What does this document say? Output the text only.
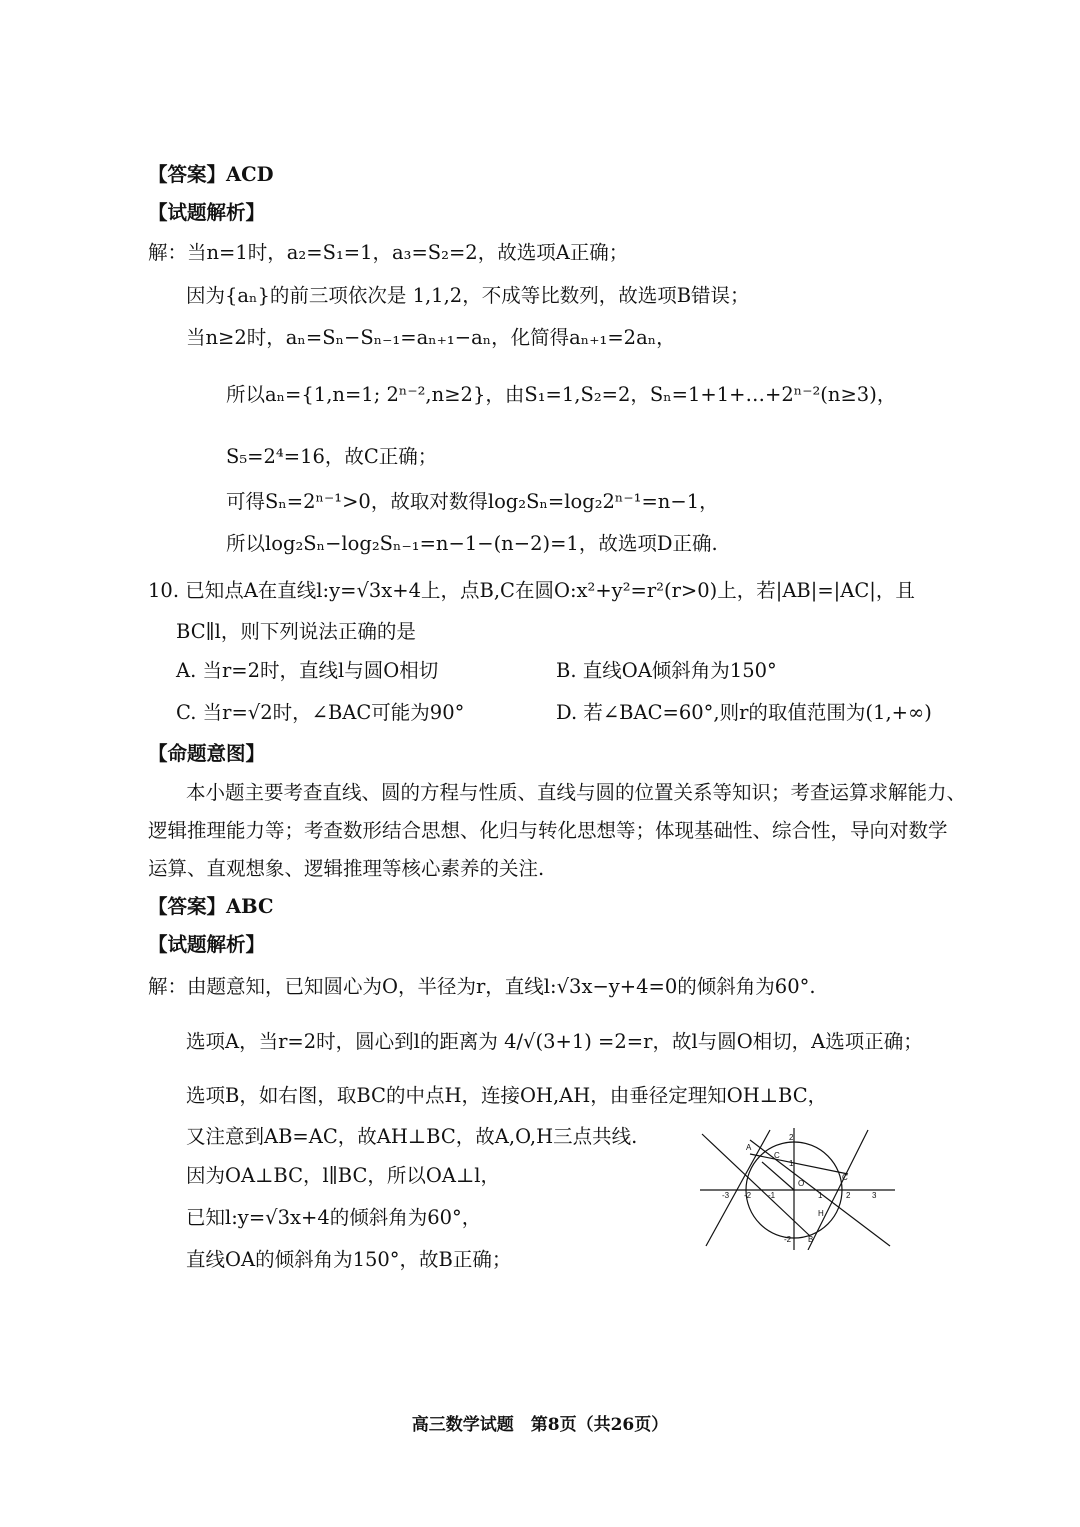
【答案】ACD
【试题解析】
解：当n=1时，a₂=S₁=1，a₃=S₂=2，故选项A正确；
因为{aₙ}的前三项依次是 1,1,2，不成等比数列，故选项B错误；
当n≥2时，aₙ=Sₙ−Sₙ₋₁=aₙ₊₁−aₙ，化简得aₙ₊₁=2aₙ，
所以aₙ={1,n=1; 2ⁿ⁻²,n≥2}，由S₁=1,S₂=2，Sₙ=1+1+…+2ⁿ⁻²(n≥3)，
S₅=2⁴=16，故C正确；
可得Sₙ=2ⁿ⁻¹>0，故取对数得log₂Sₙ=log₂2ⁿ⁻¹=n−1，
所以log₂Sₙ−log₂Sₙ₋₁=n−1−(n−2)=1，故选项D正确.
10. 已知点A在直线l:y=√3x+4上，点B,C在圆O:x²+y²=r²(r>0)上，若|AB|=|AC|，且
BC∥l，则下列说法正确的是
A. 当r=2时，直线l与圆O相切	B. 直线OA倾斜角为150°
C. 当r=√2时，∠BAC可能为90°	D. 若∠BAC=60°,则r的取值范围为(1,+∞)
【命题意图】
本小题主要考查直线、圆的方程与性质、直线与圆的位置关系等知识；考查运算求解能力、
逻辑推理能力等；考查数形结合思想、化归与转化思想等；体现基础性、综合性，导向对数学
运算、直观想象、逻辑推理等核心素养的关注.
【答案】ABC
【试题解析】
解：由题意知，已知圆心为O，半径为r，直线l:√3x−y+4=0的倾斜角为60°.
选项A，当r=2时，圆心到l的距离为 4/√(3+1) =2=r，故l与圆O相切，A选项正确；
选项B，如右图，取BC的中点H，连接OH,AH，由垂径定理知OH⊥BC，
又注意到AB=AC，故AH⊥BC，故A,O,H三点共线.
因为OA⊥BC，l∥BC，所以OA⊥l，
已知l:y=√3x+4的倾斜角为60°，
直线OA的倾斜角为150°，故B正确；
A
C
C
O
H
B
1
2
-2
-3 -2 -1	1	2	3
高三数学试题　第8页（共26页）
